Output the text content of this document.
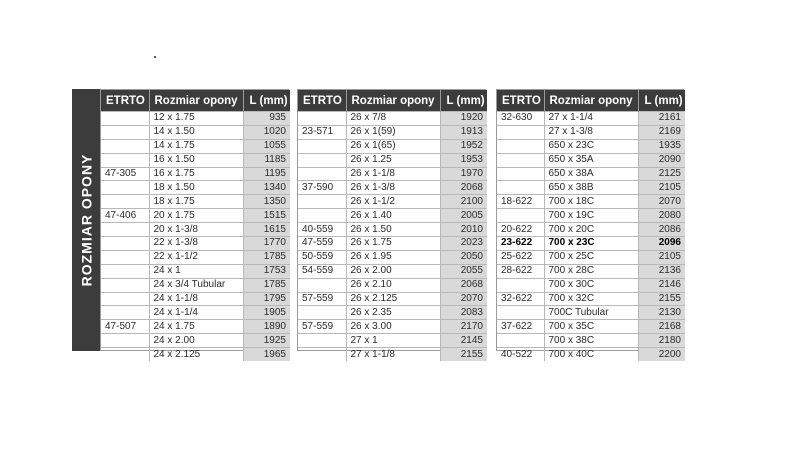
ROZMIAR OPONY
ETRTO	Rozmiar opony	L (mm)
	12 x 1.75	935
	14 x 1.50	1020
	14 x 1.75	1055
	16 x 1.50	1185
47-305	16 x 1.75	1195
	18 x 1.50	1340
	18 x 1.75	1350
47-406	20 x 1.75	1515
	20 x 1-3/8	1615
	22 x 1-3/8	1770
	22 x 1-1/2	1785
	24 x 1	1753
	24 x 3/4 Tubular	1785
	24 x 1-1/8	1795
	24 x 1-1/4	1905
47-507	24 x 1.75	1890
	24 x 2.00	1925
	24 x 2.125	1965
ETRTO	Rozmiar opony	L (mm)
	26 x 7/8	1920
23-571	26 x 1(59)	1913
	26 x 1(65)	1952
	26 x 1.25	1953
	26 x 1-1/8	1970
37-590	26 x 1-3/8	2068
	26 x 1-1/2	2100
	26 x 1.40	2005
40-559	26 x 1.50	2010
47-559	26 x 1.75	2023
50-559	26 x 1.95	2050
54-559	26 x 2.00	2055
	26 x 2.10	2068
57-559	26 x 2.125	2070
	26 x 2.35	2083
57-559	26 x 3.00	2170
	27 x 1	2145
	27 x 1-1/8	2155
ETRTO	Rozmiar opony	L (mm)
32-630	27 x 1-1/4	2161
	27 x 1-3/8	2169
	650 x 23C	1935
	650 x 35A	2090
	650 x 38A	2125
	650 x 38B	2105
18-622	700 x 18C	2070
	700 x 19C	2080
20-622	700 x 20C	2086
23-622	700 x 23C	2096
25-622	700 x 25C	2105
28-622	700 x 28C	2136
	700 x 30C	2146
32-622	700 x 32C	2155
	700C Tubular	2130
37-622	700 x 35C	2168
	700 x 38C	2180
40-522	700 x 40C	2200
